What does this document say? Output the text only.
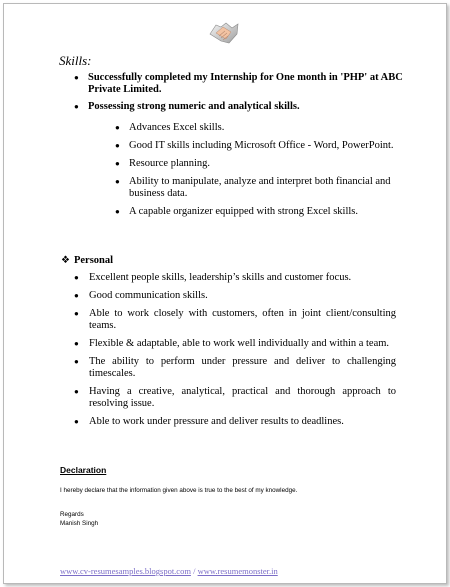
Skills:
● Successfully completed my Internship for One month in 'PHP' at ABC Private Limited.
● Possessing strong numeric and analytical skills.
● Advances Excel skills.
● Good IT skills including Microsoft Office - Word, PowerPoint.
● Resource planning.
● Ability to manipulate, analyze and interpret both financial and business data.
● A capable organizer equipped with strong Excel skills.
❖ Personal
● Excellent people skills, leadership’s skills and customer focus.
● Good communication skills.
● Able to work closely with customers, often in joint client/consulting teams.
● Flexible & adaptable, able to work well individually and within a team.
● The ability to perform under pressure and deliver to challenging timescales.
● Having a creative, analytical, practical and thorough approach to resolving issue.
● Able to work under pressure and deliver results to deadlines.
Declaration
I hereby declare that the information given above is true to the best of my knowledge.
Regards
Manish Singh
www.cv-resumesamples.blogspot.com / www.resumemonster.in
